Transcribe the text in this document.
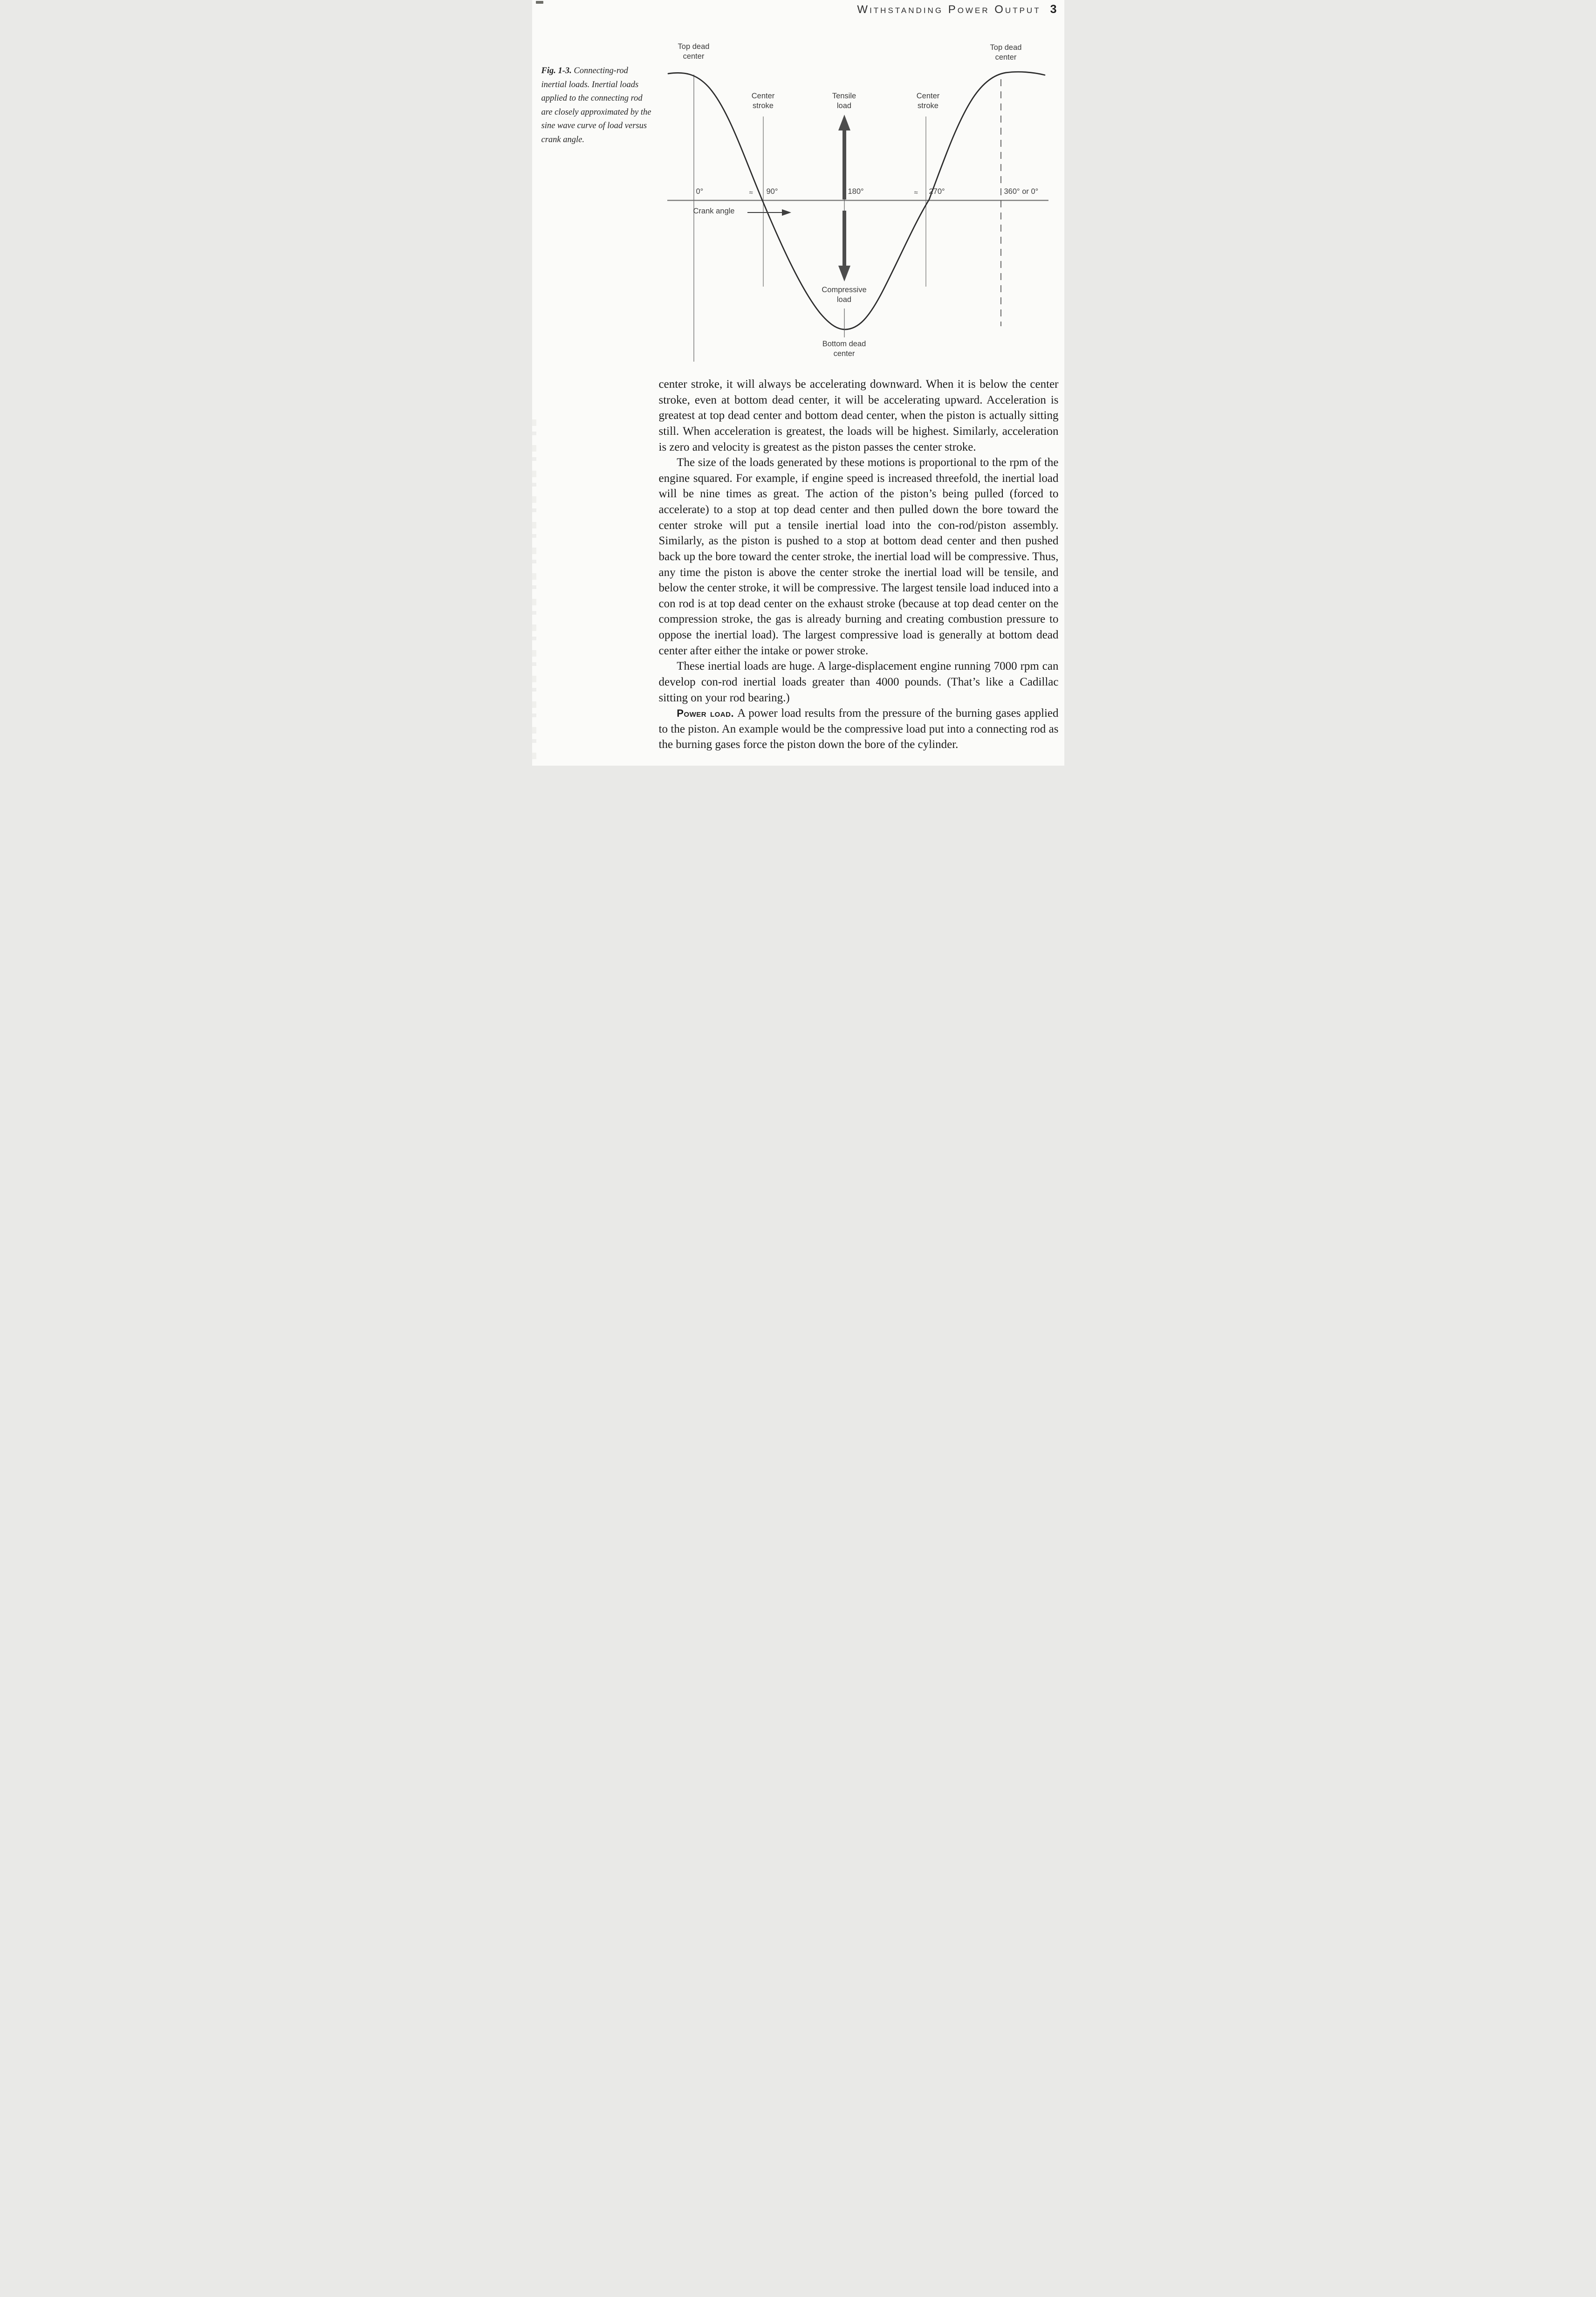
Withstanding Power Output 3
Fig. 1-3. Connecting-rod inertial loads. Inertial loads applied to the connecting rod are closely approximated by the sine wave curve of load versus crank angle.
Top dead center
Top dead center
Center stroke
Center stroke
Tensile load
Compressive load
Bottom dead center
Crank angle
0°	≈ 90°	180°	≈ 270°	360° or 0°

center stroke, it will always be accelerating downward. When it is below the center stroke, even at bottom dead center, it will be accelerating upward. Acceleration is greatest at top dead center and bottom dead center, when the piston is actually sitting still. When acceleration is greatest, the loads will be highest. Similarly, acceleration is zero and velocity is greatest as the piston passes the center stroke.

The size of the loads generated by these motions is proportional to the rpm of the engine squared. For example, if engine speed is increased threefold, the inertial load will be nine times as great. The action of the piston’s being pulled (forced to accelerate) to a stop at top dead center and then pulled down the bore toward the center stroke will put a tensile inertial load into the con-rod/piston assembly. Similarly, as the piston is pushed to a stop at bottom dead center and then pushed back up the bore toward the center stroke, the inertial load will be compressive. Thus, any time the piston is above the center stroke the inertial load will be tensile, and below the center stroke, it will be compressive. The largest tensile load induced into a con rod is at top dead center on the exhaust stroke (because at top dead center on the compression stroke, the gas is already burning and creating combustion pressure to oppose the inertial load). The largest compressive load is generally at bottom dead center after either the intake or power stroke.

These inertial loads are huge. A large-displacement engine running 7000 rpm can develop con-rod inertial loads greater than 4000 pounds. (That’s like a Cadillac sitting on your rod bearing.)

Power load. A power load results from the pressure of the burning gases applied to the piston. An example would be the compressive load put into a connecting rod as the burning gases force the piston down the bore of the cylinder.
